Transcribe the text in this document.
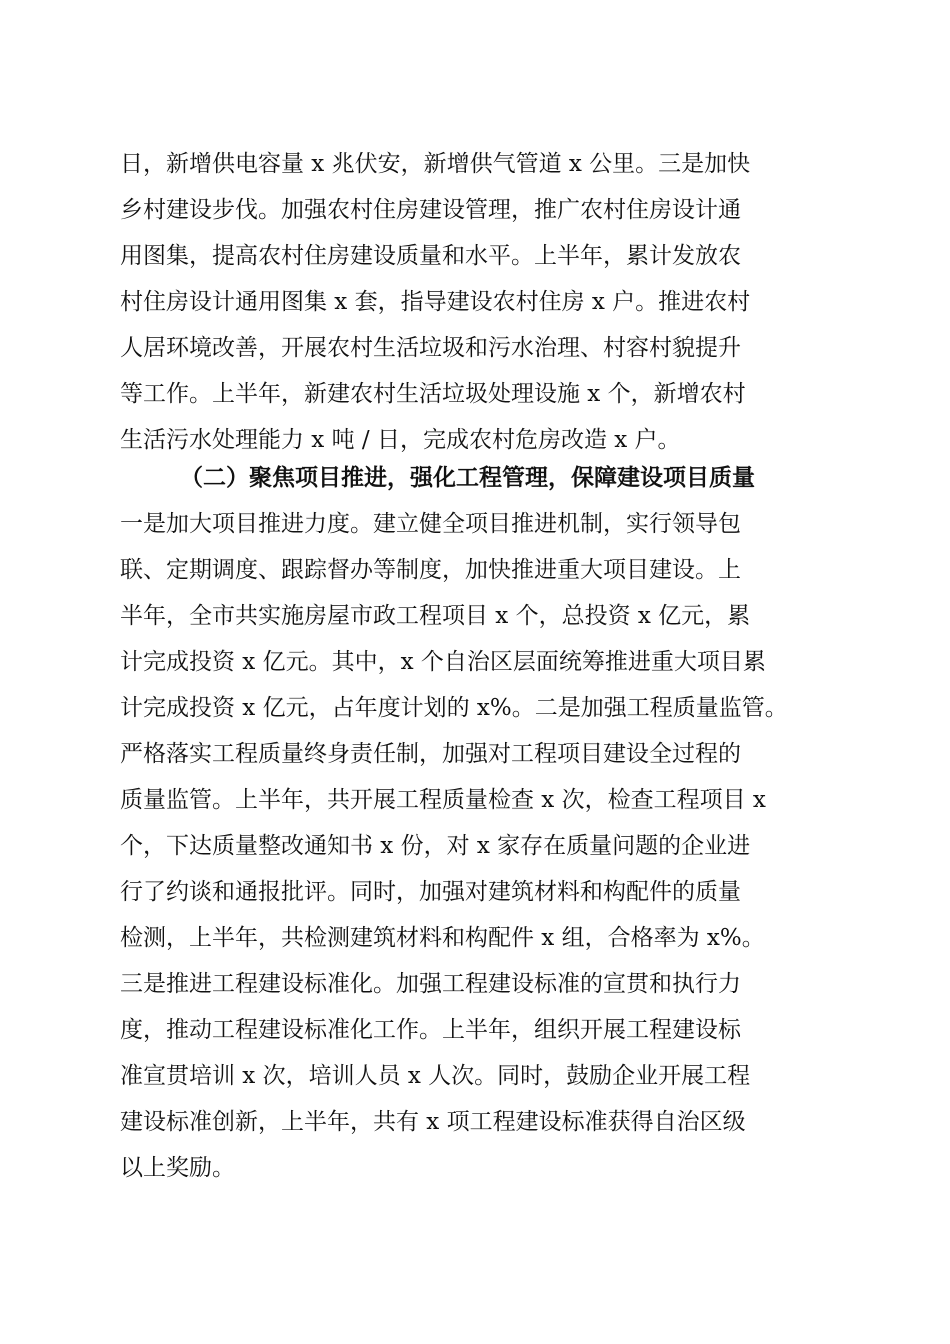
日，新增供电容量 x 兆伏安，新增供气管道 x 公里。三是加快
乡村建设步伐。加强农村住房建设管理，推广农村住房设计通
用图集，提高农村住房建设质量和水平。上半年，累计发放农
村住房设计通用图集 x 套，指导建设农村住房 x 户。推进农村
人居环境改善，开展农村生活垃圾和污水治理、村容村貌提升
等工作。上半年，新建农村生活垃圾处理设施 x 个，新增农村
生活污水处理能力 x 吨 / 日，完成农村危房改造 x 户。
（二）聚焦项目推进，强化工程管理，保障建设项目质量
一是加大项目推进力度。建立健全项目推进机制，实行领导包
联、定期调度、跟踪督办等制度，加快推进重大项目建设。上
半年，全市共实施房屋市政工程项目 x 个，总投资 x 亿元，累
计完成投资 x 亿元。其中，x 个自治区层面统筹推进重大项目累
计完成投资 x 亿元，占年度计划的 x%。二是加强工程质量监管。
严格落实工程质量终身责任制，加强对工程项目建设全过程的
质量监管。上半年，共开展工程质量检查 x 次，检查工程项目 x
个，下达质量整改通知书 x 份，对 x 家存在质量问题的企业进
行了约谈和通报批评。同时，加强对建筑材料和构配件的质量
检测，上半年，共检测建筑材料和构配件 x 组，合格率为 x%。
三是推进工程建设标准化。加强工程建设标准的宣贯和执行力
度，推动工程建设标准化工作。上半年，组织开展工程建设标
准宣贯培训 x 次，培训人员 x 人次。同时，鼓励企业开展工程
建设标准创新，上半年，共有 x 项工程建设标准获得自治区级
以上奖励。
